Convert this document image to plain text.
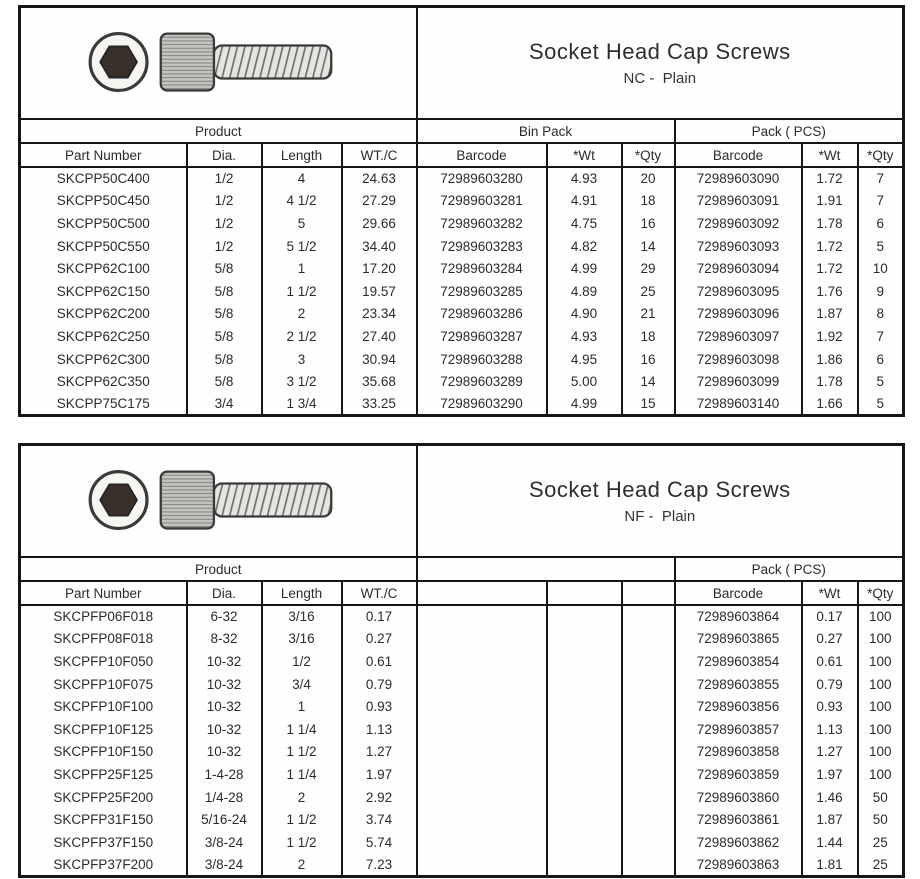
Socket Head Cap Screws
NC -  Plain					

Product				Bin Pack			Pack ( PCS)		
Part Number	Dia.	Length	WT./C	Barcode	*Wt	*Qty	Barcode	*Wt	*Qty
SKCPP50C400	1/2	4	24.63	72989603280	4.93	20	72989603090	1.72	7
SKCPP50C450	1/2	4 1/2	27.29	72989603281	4.91	18	72989603091	1.91	7
SKCPP50C500	1/2	5	29.66	72989603282	4.75	16	72989603092	1.78	6
SKCPP50C550	1/2	5 1/2	34.40	72989603283	4.82	14	72989603093	1.72	5
SKCPP62C100	5/8	1	17.20	72989603284	4.99	29	72989603094	1.72	10
SKCPP62C150	5/8	1 1/2	19.57	72989603285	4.89	25	72989603095	1.76	9
SKCPP62C200	5/8	2	23.34	72989603286	4.90	21	72989603096	1.87	8
SKCPP62C250	5/8	2 1/2	27.40	72989603287	4.93	18	72989603097	1.92	7
SKCPP62C300	5/8	3	30.94	72989603288	4.95	16	72989603098	1.86	6
SKCPP62C350	5/8	3 1/2	35.68	72989603289	5.00	14	72989603099	1.78	5
SKCPP75C175	3/4	1 3/4	33.25	72989603290	4.99	15	72989603140	1.66	5

Socket Head Cap Screws
NF -  Plain					

Product							Pack ( PCS)		
Part Number	Dia.	Length	WT./C				Barcode	*Wt	*Qty
SKCPFP06F018	6-32	3/16	0.17				72989603864	0.17	100
SKCPFP08F018	8-32	3/16	0.27				72989603865	0.27	100
SKCPFP10F050	10-32	1/2	0.61				72989603854	0.61	100
SKCPFP10F075	10-32	3/4	0.79				72989603855	0.79	100
SKCPFP10F100	10-32	1	0.93				72989603856	0.93	100
SKCPFP10F125	10-32	1 1/4	1.13				72989603857	1.13	100
SKCPFP10F150	10-32	1 1/2	1.27				72989603858	1.27	100
SKCPFP25F125	1-4-28	1 1/4	1.97				72989603859	1.97	100
SKCPFP25F200	1/4-28	2	2.92				72989603860	1.46	50
SKCPFP31F150	5/16-24	1 1/2	3.74				72989603861	1.87	50
SKCPFP37F150	3/8-24	1 1/2	5.74				72989603862	1.44	25
SKCPFP37F200	3/8-24	2	7.23				72989603863	1.81	25
